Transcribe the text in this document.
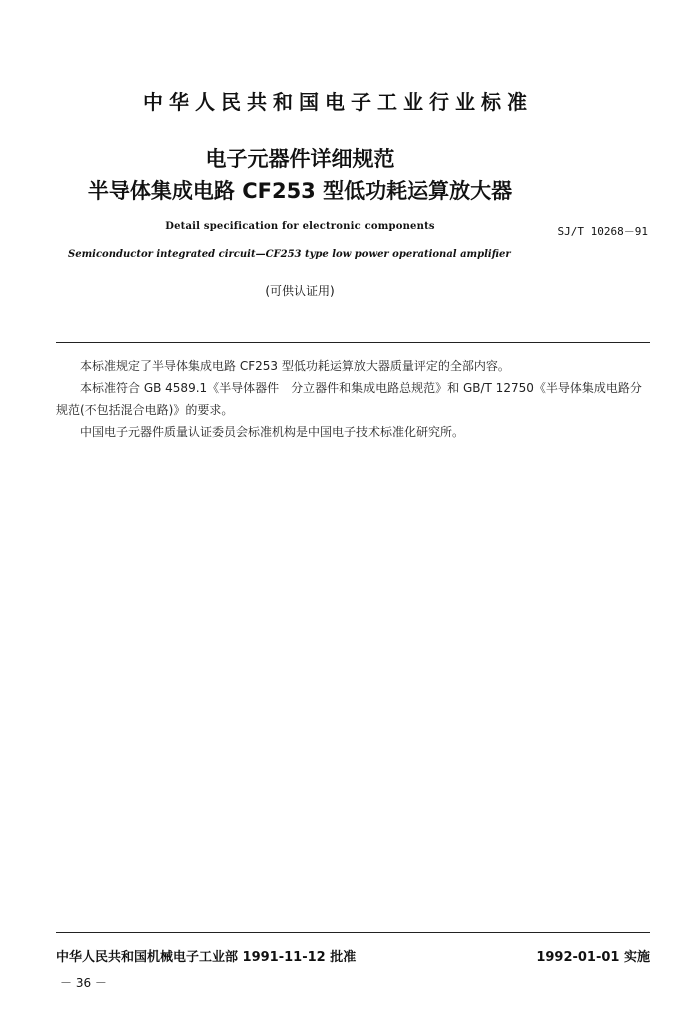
中华人民共和国电子工业行业标准
电子元器件详细规范
半导体集成电路 CF253 型低功耗运算放大器
Detail specification for electronic components	SJ/T 10268－91
Semiconductor integrated circuit—CF253 type low power operational amplifier
(可供认证用)
本标准规定了半导体集成电路 CF253 型低功耗运算放大器质量评定的全部内容。
本标准符合 GB 4589.1《半导体器件　分立器件和集成电路总规范》和 GB/T 12750《半导体集成电路分规范(不包括混合电路)》的要求。
中国电子元器件质量认证委员会标准机构是中国电子技术标准化研究所。
中华人民共和国机械电子工业部 1991-11-12 批准	1992-01-01 实施
－ 36 －
